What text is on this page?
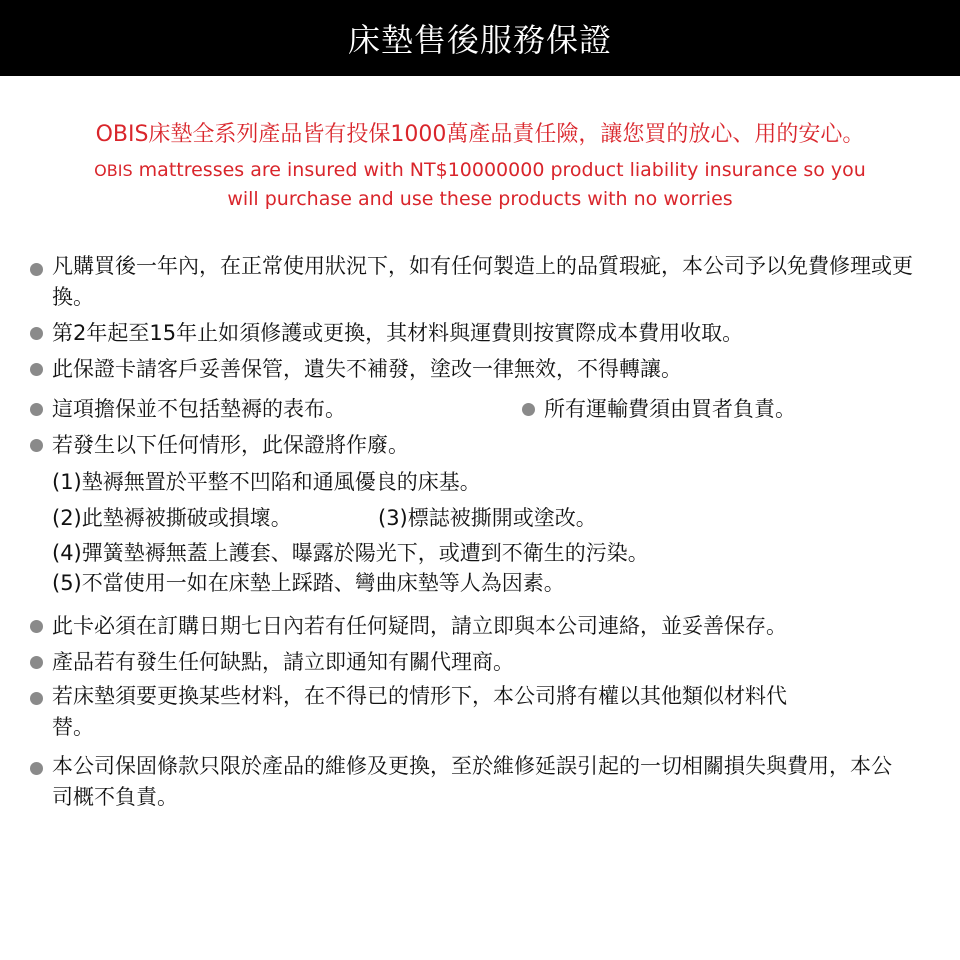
床墊售後服務保證
OBIS床墊全系列產品皆有投保1000萬產品責任險，讓您買的放心、用的安心。
OBIS mattresses are insured with NT$10000000 product liability insurance so you will purchase and use these products with no worries
凡購買後一年內，在正常使用狀況下，如有任何製造上的品質瑕疵，本公司予以免費修理或更換。
第2年起至15年止如須修護或更換，其材料與運費則按實際成本費用收取。
此保證卡請客戶妥善保管，遺失不補發，塗改一律無效，不得轉讓。
這項擔保並不包括墊褥的表布。	所有運輸費須由買者負責。
若發生以下任何情形，此保證將作廢。
(1)墊褥無置於平整不凹陷和通風優良的床基。
(2)此墊褥被撕破或損壞。	(3)標誌被撕開或塗改。
(4)彈簧墊褥無蓋上護套、曝露於陽光下，或遭到不衛生的污染。
(5)不當使用一如在床墊上踩踏、彎曲床墊等人為因素。
此卡必須在訂購日期七日內若有任何疑問，請立即與本公司連絡，並妥善保存。
產品若有發生任何缺點，請立即通知有關代理商。
若床墊須要更換某些材料，在不得已的情形下，本公司將有權以其他類似材料代替。
本公司保固條款只限於產品的維修及更換，至於維修延誤引起的一切相關損失與費用，本公司概不負責。
